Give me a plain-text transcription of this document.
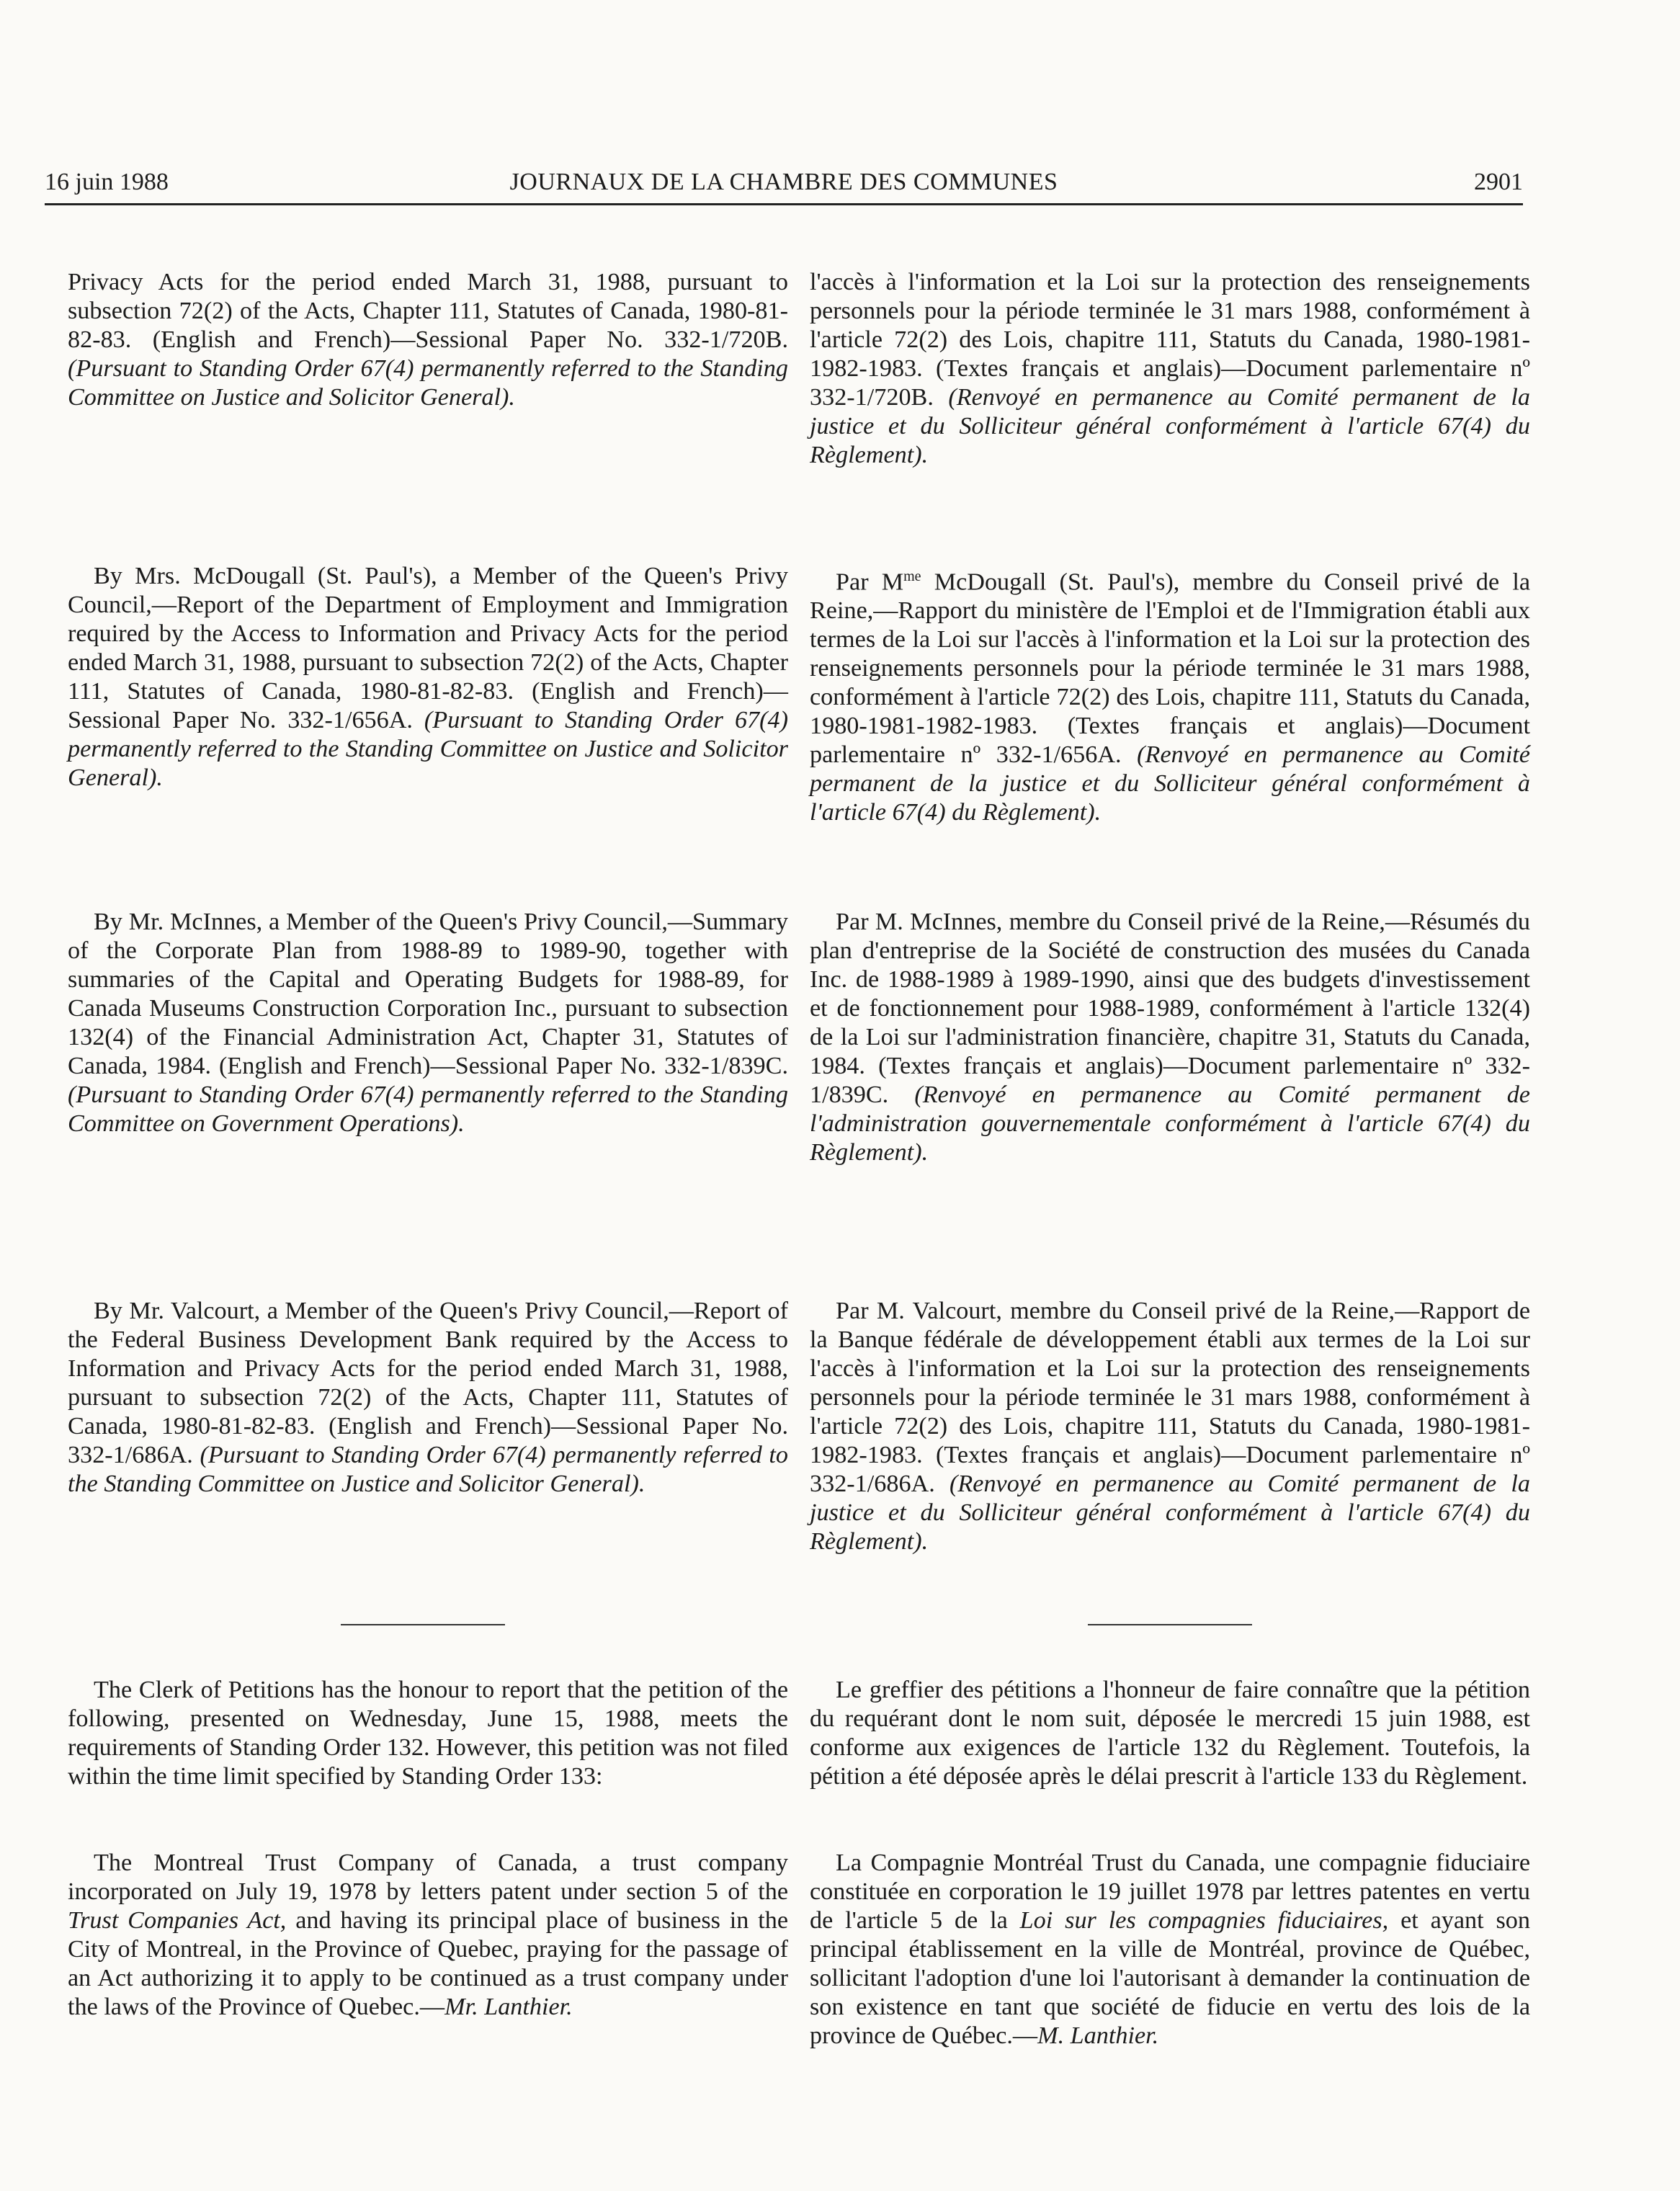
16 juin 1988	JOURNAUX DE LA CHAMBRE DES COMMUNES	2901

Privacy Acts for the period ended March 31, 1988, pursuant to subsection 72(2) of the Acts, Chapter 111, Statutes of Canada, 1980-81-82-83. (English and French)—Sessional Paper No. 332-1/720B. (Pursuant to Standing Order 67(4) permanently referred to the Standing Committee on Justice and Solicitor General).

By Mrs. McDougall (St. Paul's), a Member of the Queen's Privy Council,—Report of the Department of Employment and Immigration required by the Access to Information and Privacy Acts for the period ended March 31, 1988, pursuant to subsection 72(2) of the Acts, Chapter 111, Statutes of Canada, 1980-81-82-83. (English and French)—Sessional Paper No. 332-1/656A. (Pursuant to Standing Order 67(4) permanently referred to the Standing Committee on Justice and Solicitor General).

By Mr. McInnes, a Member of the Queen's Privy Council,—Summary of the Corporate Plan from 1988-89 to 1989-90, together with summaries of the Capital and Operating Budgets for 1988-89, for Canada Museums Construction Corporation Inc., pursuant to subsection 132(4) of the Financial Administration Act, Chapter 31, Statutes of Canada, 1984. (English and French)—Sessional Paper No. 332-1/839C. (Pursuant to Standing Order 67(4) permanently referred to the Standing Committee on Government Operations).

By Mr. Valcourt, a Member of the Queen's Privy Council,—Report of the Federal Business Development Bank required by the Access to Information and Privacy Acts for the period ended March 31, 1988, pursuant to subsection 72(2) of the Acts, Chapter 111, Statutes of Canada, 1980-81-82-83. (English and French)—Sessional Paper No. 332-1/686A. (Pursuant to Standing Order 67(4) permanently referred to the Standing Committee on Justice and Solicitor General).

The Clerk of Petitions has the honour to report that the petition of the following, presented on Wednesday, June 15, 1988, meets the requirements of Standing Order 132. However, this petition was not filed within the time limit specified by Standing Order 133:

The Montreal Trust Company of Canada, a trust company incorporated on July 19, 1978 by letters patent under section 5 of the Trust Companies Act, and having its principal place of business in the City of Montreal, in the Province of Quebec, praying for the passage of an Act authorizing it to apply to be continued as a trust company under the laws of the Province of Quebec.—Mr. Lanthier.

l'accès à l'information et la Loi sur la protection des renseignements personnels pour la période terminée le 31 mars 1988, conformément à l'article 72(2) des Lois, chapitre 111, Statuts du Canada, 1980-1981-1982-1983. (Textes français et anglais)—Document parlementaire nº 332-1/720B. (Renvoyé en permanence au Comité permanent de la justice et du Solliciteur général conformément à l'article 67(4) du Règlement).

Par $M^{me}$ McDougall (St. Paul's), membre du Conseil privé de la Reine,—Rapport du ministère de l'Emploi et de l'Immigration établi aux termes de la Loi sur l'accès à l'information et la Loi sur la protection des renseignements personnels pour la période terminée le 31 mars 1988, conformément à l'article 72(2) des Lois, chapitre 111, Statuts du Canada, 1980-1981-1982-1983. (Textes français et anglais)—Document parlementaire nº 332-1/656A. (Renvoyé en permanence au Comité permanent de la justice et du Solliciteur général conformément à l'article 67(4) du Règlement).

Par M. McInnes, membre du Conseil privé de la Reine,—Résumés du plan d'entreprise de la Société de construction des musées du Canada Inc. de 1988-1989 à 1989-1990, ainsi que des budgets d'investissement et de fonctionnement pour 1988-1989, conformément à l'article 132(4) de la Loi sur l'administration financière, chapitre 31, Statuts du Canada, 1984. (Textes français et anglais)—Document parlementaire nº 332-1/839C. (Renvoyé en permanence au Comité permanent de l'administration gouvernementale conformément à l'article 67(4) du Règlement).

Par M. Valcourt, membre du Conseil privé de la Reine,—Rapport de la Banque fédérale de développement établi aux termes de la Loi sur l'accès à l'information et la Loi sur la protection des renseignements personnels pour la période terminée le 31 mars 1988, conformément à l'article 72(2) des Lois, chapitre 111, Statuts du Canada, 1980-1981-1982-1983. (Textes français et anglais)—Document parlementaire nº 332-1/686A. (Renvoyé en permanence au Comité permanent de la justice et du Solliciteur général conformément à l'article 67(4) du Règlement).

Le greffier des pétitions a l'honneur de faire connaître que la pétition du requérant dont le nom suit, déposée le mercredi 15 juin 1988, est conforme aux exigences de l'article 132 du Règlement. Toutefois, la pétition a été déposée après le délai prescrit à l'article 133 du Règlement.

La Compagnie Montréal Trust du Canada, une compagnie fiduciaire constituée en corporation le 19 juillet 1978 par lettres patentes en vertu de l'article 5 de la Loi sur les compagnies fiduciaires, et ayant son principal établissement en la ville de Montréal, province de Québec, sollicitant l'adoption d'une loi l'autorisant à demander la continuation de son existence en tant que société de fiducie en vertu des lois de la province de Québec.—M. Lanthier.
